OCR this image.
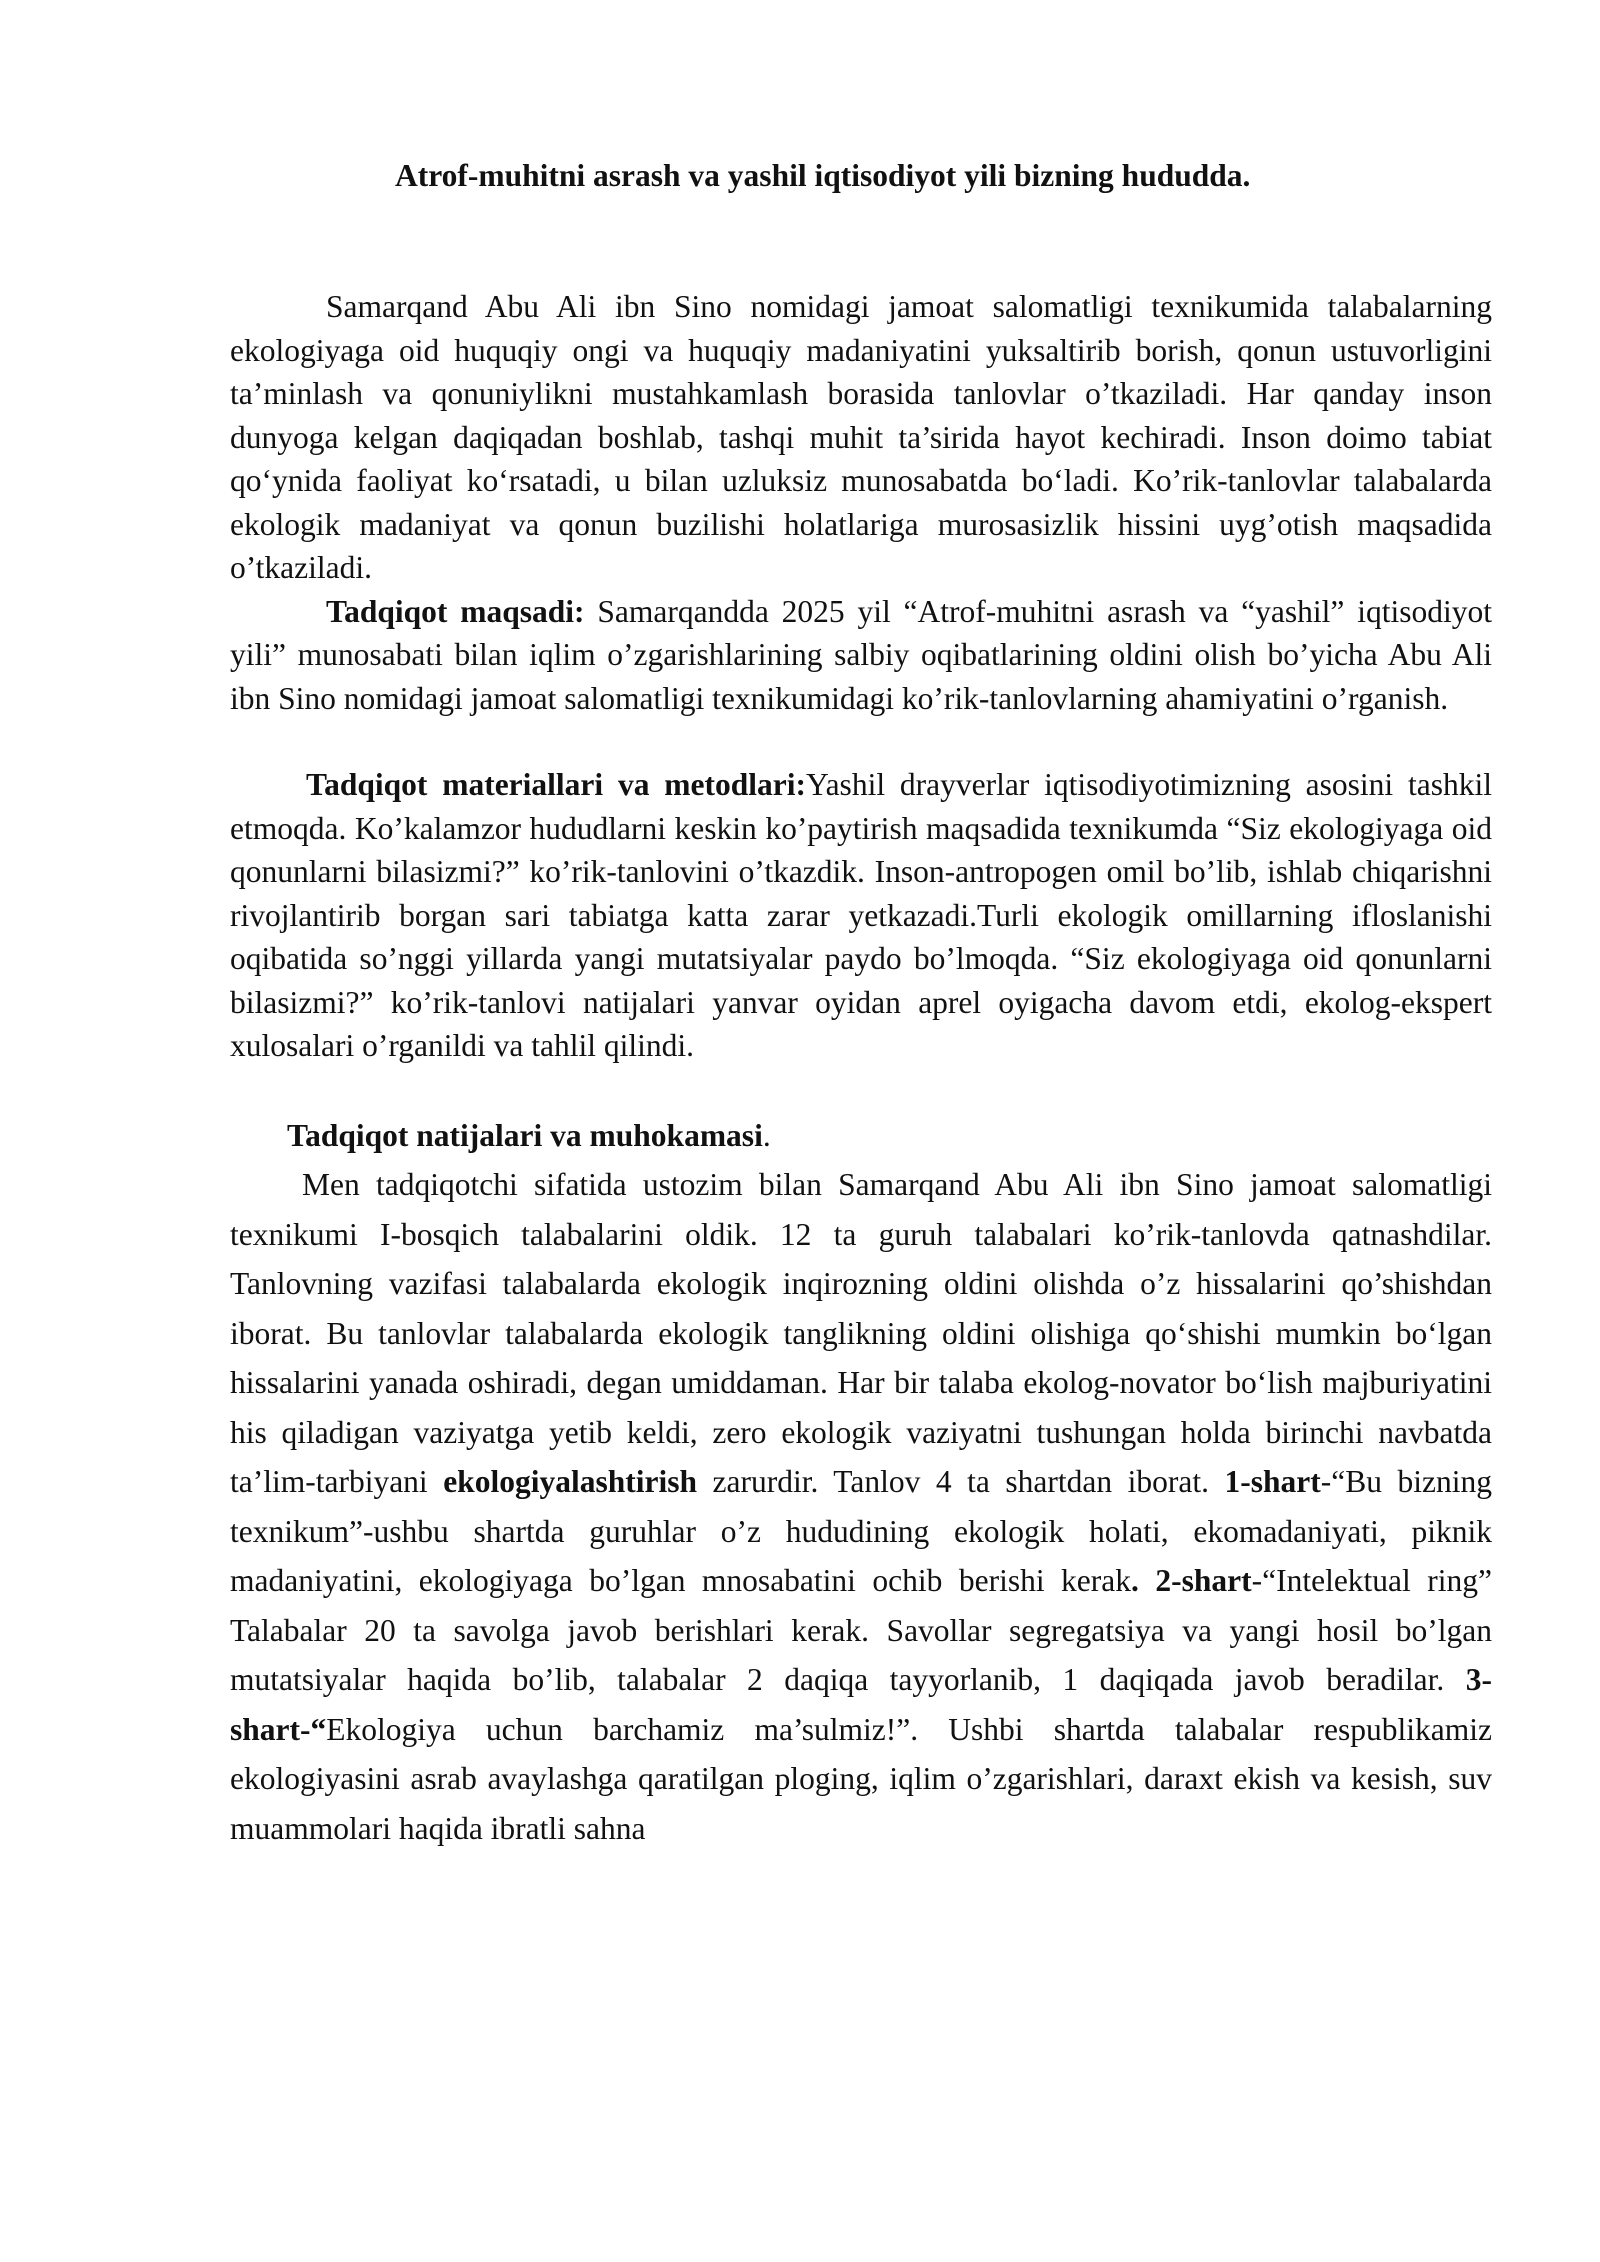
Atrof-muhitni asrash va yashil iqtisodiyot yili bizning hududda.

Samarqand Abu Ali ibn Sino nomidagi jamoat salomatligi texnikumida talabalarning ekologiyaga oid huquqiy ongi va huquqiy madaniyatini yuksaltirib borish, qonun ustuvorligini ta’minlash va qonuniylikni mustahkamlash borasida tanlovlar o’tkaziladi. Har qanday inson dunyoga kelgan daqiqadan boshlab, tashqi muhit ta’sirida hayot kechiradi. Inson doimo tabiat qo‘ynida faoliyat ko‘rsatadi, u bilan uzluksiz munosabatda bo‘ladi. Ko’rik-tanlovlar talabalarda ekologik madaniyat va qonun buzilishi holatlariga murosasizlik hissini uyg’otish maqsadida o’tkaziladi.

Tadqiqot maqsadi: Samarqandda 2025 yil “Atrof-muhitni asrash va “yashil” iqtisodiyot yili” munosabati bilan iqlim o’zgarishlarining salbiy oqibatlarining oldini olish bo’yicha Abu Ali ibn Sino nomidagi jamoat salomatligi texnikumidagi ko’rik-tanlovlarning ahamiyatini o’rganish.

Tadqiqot materiallari va metodlari:Yashil drayverlar iqtisodiyotimizning asosini tashkil etmoqda. Ko’kalamzor hududlarni keskin ko’paytirish maqsadida texnikumda “Siz ekologiyaga oid qonunlarni bilasizmi?” ko’rik-tanlovini o’tkazdik. Inson-antropogen omil bo’lib, ishlab chiqarishni rivojlantirib borgan sari tabiatga katta zarar yetkazadi.Turli ekologik omillarning ifloslanishi oqibatida so’nggi yillarda yangi mutatsiyalar paydo bo’lmoqda. “Siz ekologiyaga oid qonunlarni bilasizmi?” ko’rik-tanlovi natijalari yanvar oyidan aprel oyigacha davom etdi, ekolog-ekspert xulosalari o’rganildi va tahlil qilindi.

Tadqiqot natijalari va muhokamasi.

Men tadqiqotchi sifatida ustozim bilan Samarqand Abu Ali ibn Sino jamoat salomatligi texnikumi I-bosqich talabalarini oldik. 12 ta guruh talabalari ko’rik-tanlovda qatnashdilar. Tanlovning vazifasi talabalarda ekologik inqirozning oldini olishda o’z hissalarini qo’shishdan iborat. Bu tanlovlar talabalarda ekologik tanglikning oldini olishiga qo‘shishi mumkin bo‘lgan hissalarini yanada oshiradi, degan umiddaman. Har bir talaba ekolog-novator bo‘lish majburiyatini his qiladigan vaziyatga yetib keldi, zero ekologik vaziyatni tushungan holda birinchi navbatda ta’lim-tarbiyani ekologiyalashtirish zarurdir. Tanlov 4 ta shartdan iborat. 1-shart-“Bu bizning texnikum”-ushbu shartda guruhlar o’z hududining ekologik holati, ekomadaniyati, piknik madaniyatini, ekologiyaga bo’lgan mnosabatini ochib berishi kerak. 2-shart-“Intelektual ring” Talabalar 20 ta savolga javob berishlari kerak. Savollar segregatsiya va yangi hosil bo’lgan mutatsiyalar haqida bo’lib, talabalar 2 daqiqa tayyorlanib, 1 daqiqada javob beradilar. 3-shart-“Ekologiya uchun barchamiz ma’sulmiz!”. Ushbi shartda talabalar respublikamiz ekologiyasini asrab avaylashga qaratilgan ploging, iqlim o’zgarishlari, daraxt ekish va kesish, suv muammolari haqida ibratli sahna
